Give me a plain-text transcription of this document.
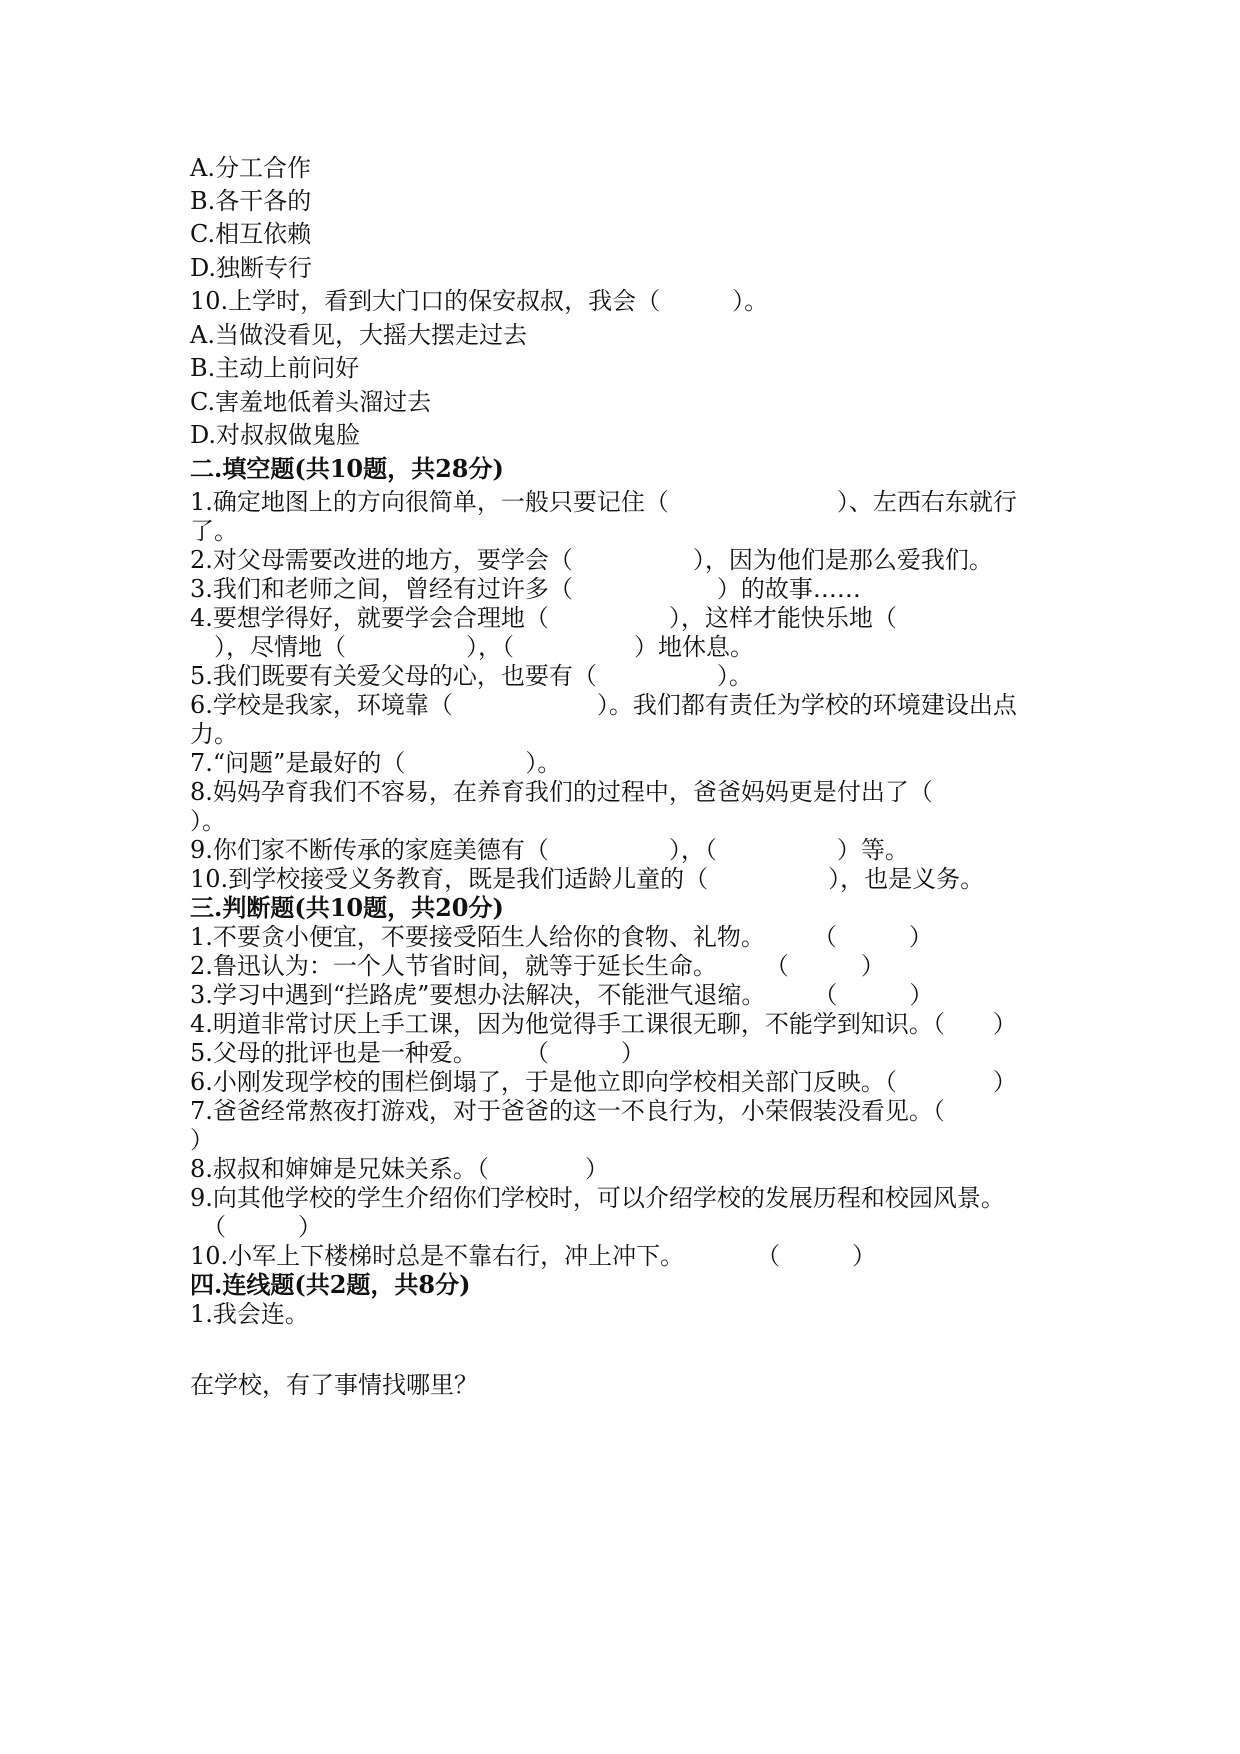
A.分工合作
B.各干各的
C.相互依赖
D.独断专行
10.上学时，看到大门口的保安叔叔，我会（　　　）。
A.当做没看见，大摇大摆走过去
B.主动上前问好
C.害羞地低着头溜过去
D.对叔叔做鬼脸
二.填空题(共10题，共28分)
1.确定地图上的方向很简单，一般只要记住（　　　　　　　）、左西右东就行
了。
2.对父母需要改进的地方，要学会（　　　　　），因为他们是那么爱我们。
3.我们和老师之间，曾经有过许多（　　　　　　）的故事……
4.要想学得好，就要学会合理地（　　　　　），这样才能快乐地（
　），尽情地（　　　　　），（　　　　　）地休息。
5.我们既要有关爱父母的心，也要有（　　　　　）。
6.学校是我家，环境靠（　　　　　　）。我们都有责任为学校的环境建设出点
力。
7.“问题”是最好的（　　　　　）。
8.妈妈孕育我们不容易，在养育我们的过程中，爸爸妈妈更是付出了（
）。
9.你们家不断传承的家庭美德有（　　　　　），（　　　　　）等。
10.到学校接受义务教育，既是我们适龄儿童的（　　　　　），也是义务。
三.判断题(共10题，共20分)
1.不要贪小便宜，不要接受陌生人给你的食物、礼物。　　　（　　　）
2.鲁迅认为：一个人节省时间，就等于延长生命。　　　（　　　）
3.学习中遇到“拦路虎”要想办法解决，不能泄气退缩。　　　（　　　）
4.明道非常讨厌上手工课，因为他觉得手工课很无聊，不能学到知识。（　　）
5.父母的批评也是一种爱。　　　（　　　）
6.小刚发现学校的围栏倒塌了，于是他立即向学校相关部门反映。（　　　　）
7.爸爸经常熬夜打游戏，对于爸爸的这一不良行为，小荣假装没看见。（
）
8.叔叔和婶婶是兄妹关系。（　　　　）
9.向其他学校的学生介绍你们学校时，可以介绍学校的发展历程和校园风景。
　（　　　）
10.小军上下楼梯时总是不靠右行，冲上冲下。　　　　（　　　）
四.连线题(共2题，共8分)
1.我会连。
在学校，有了事情找哪里？
